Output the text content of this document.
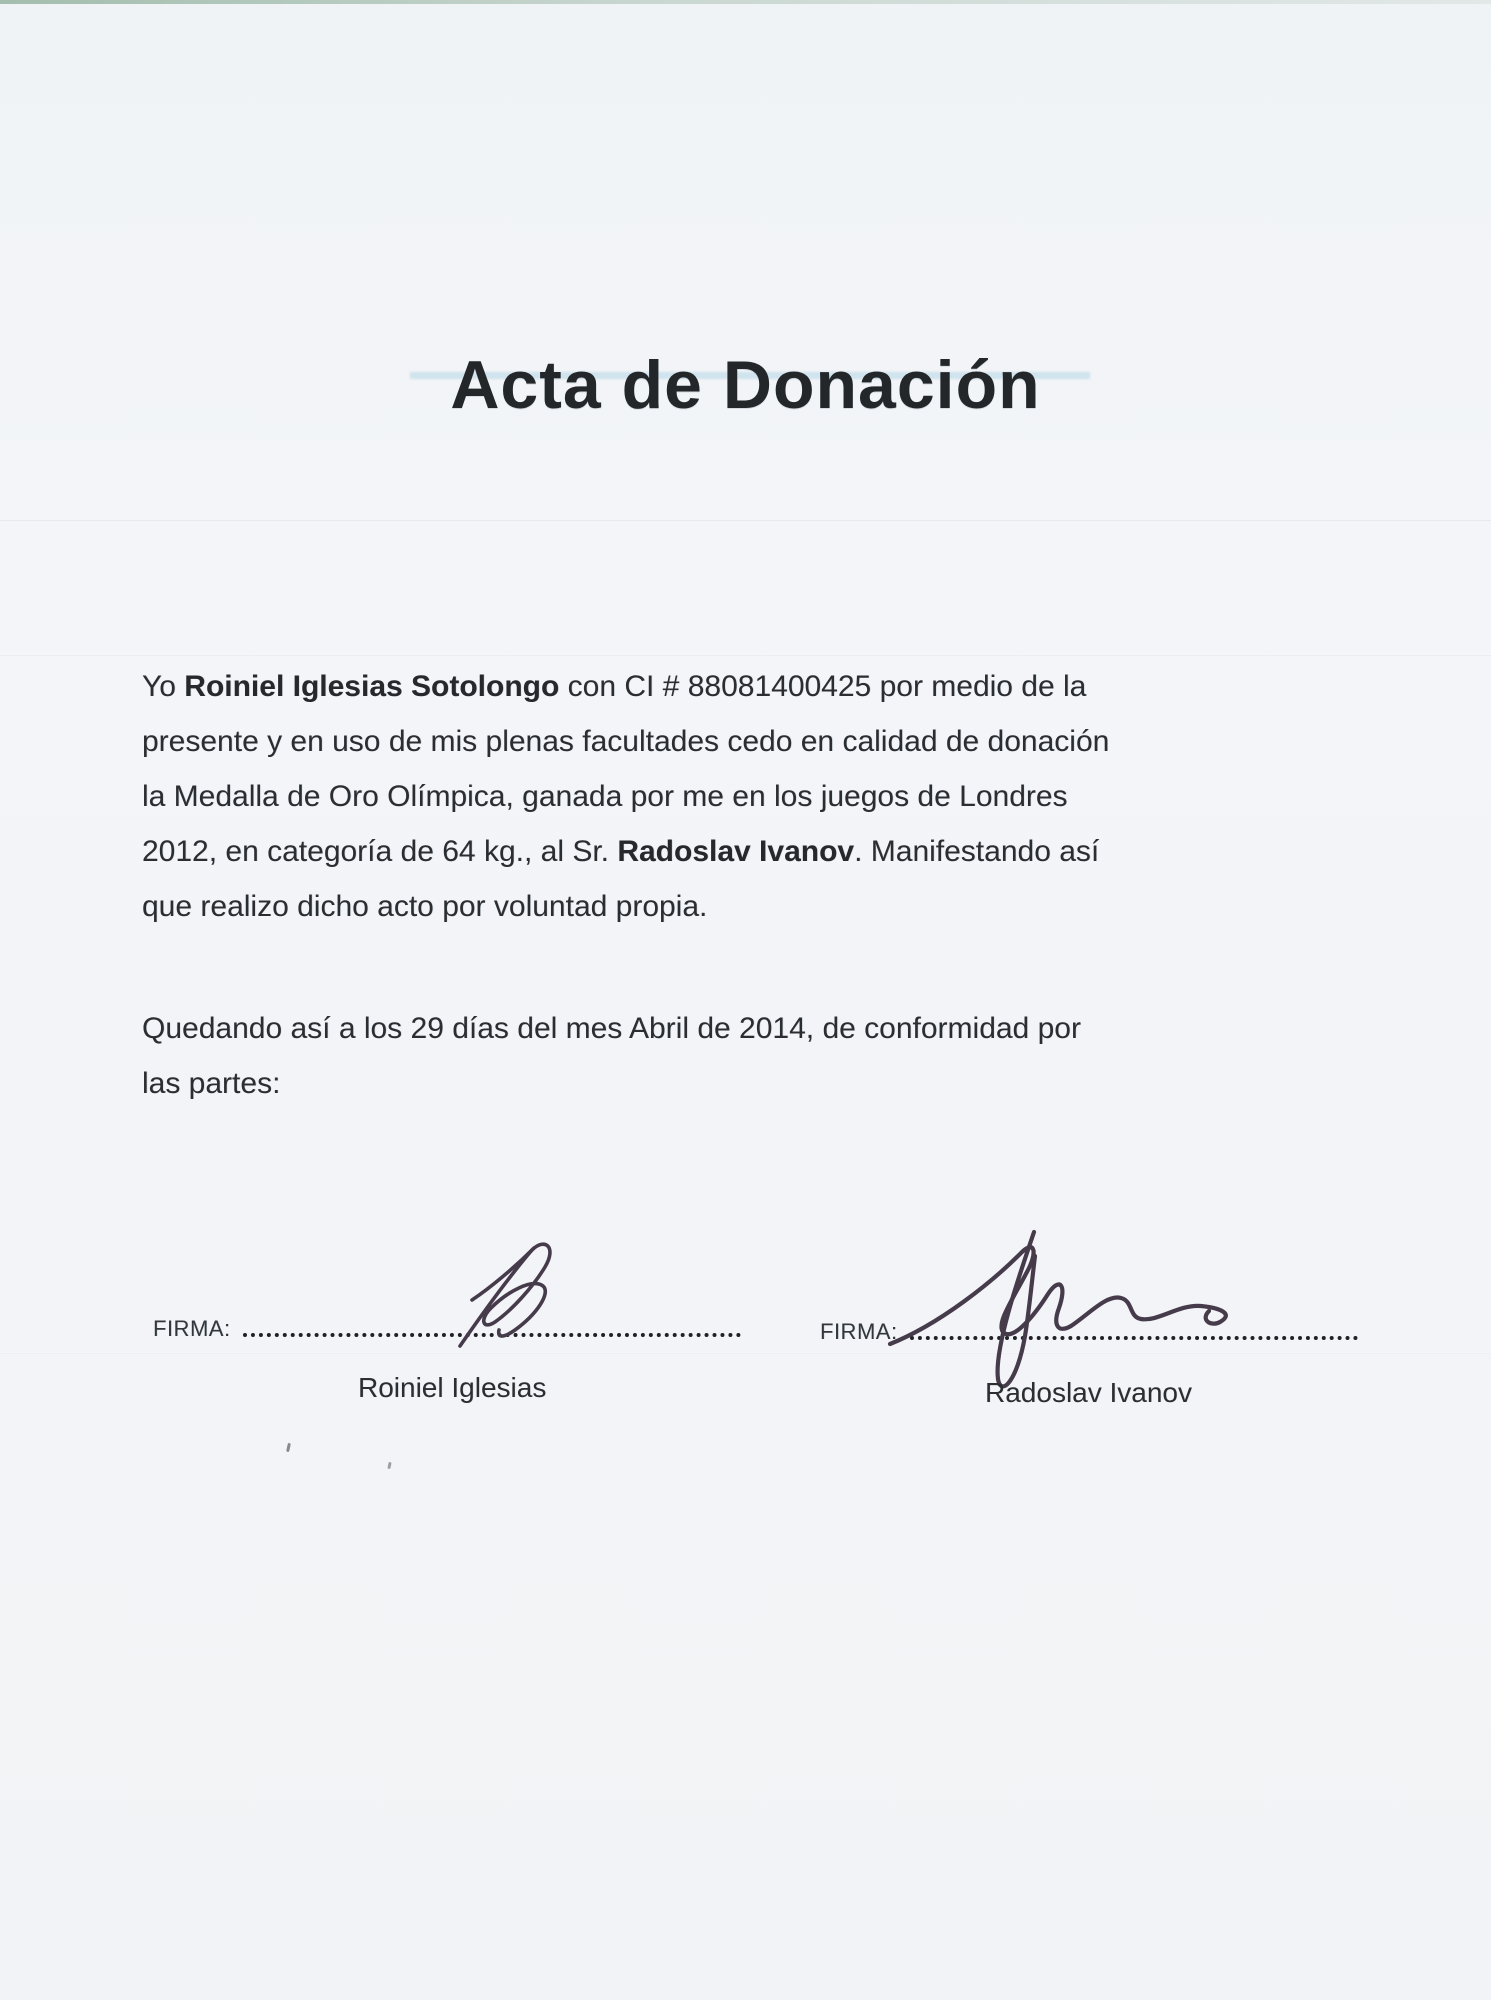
Acta de Donación

Yo Roiniel Iglesias Sotolongo con CI # 88081400425 por medio de la
presente y en uso de mis plenas facultades cedo en calidad de donación
la Medalla de Oro Olímpica, ganada por me en los juegos de Londres
2012, en categoría de 64 kg., al Sr. Radoslav Ivanov. Manifestando así
que realizo dicho acto por voluntad propia.

Quedando así a los 29 días del mes Abril de 2014, de conformidad por
las partes:

FIRMA:	FIRMA:

Roiniel Iglesias	Radoslav Ivanov
